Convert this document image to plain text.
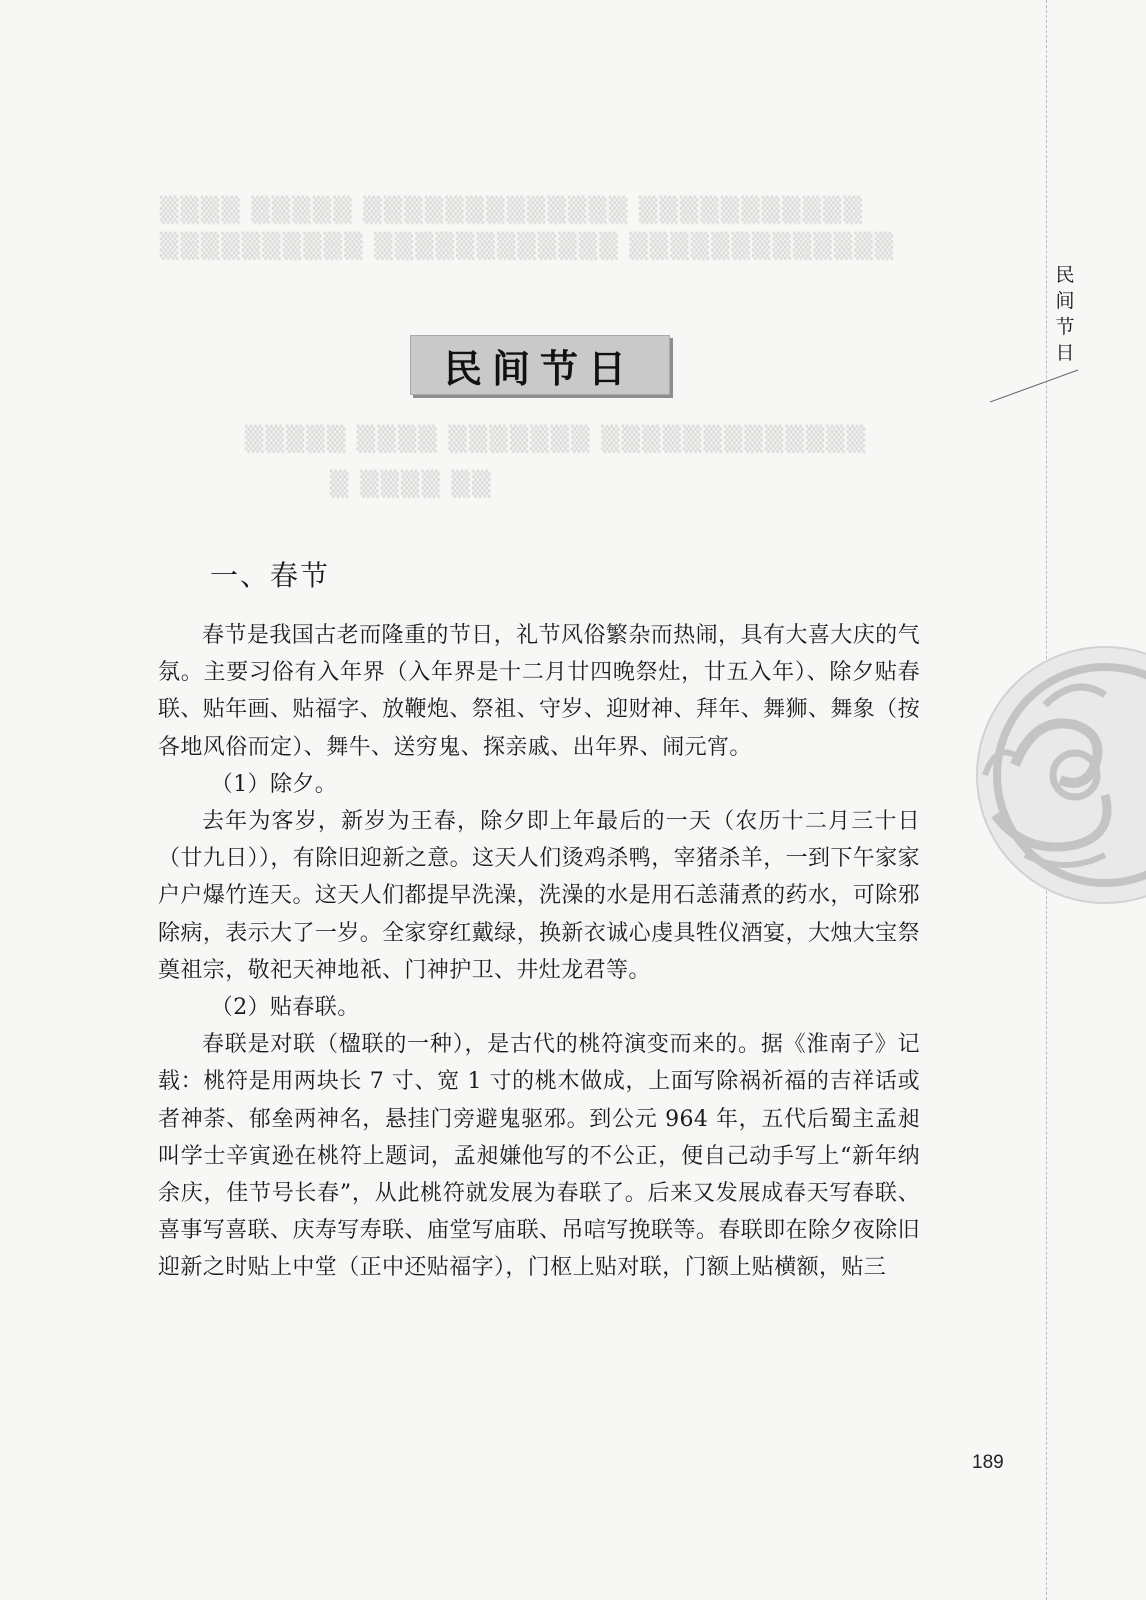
▒▒▒▒ ▒▒▒▒▒ ▒▒▒▒▒▒▒▒▒▒▒▒▒ ▒▒▒▒▒▒▒▒▒▒▒
▒▒▒▒▒▒▒▒▒▒ ▒▒▒▒▒▒▒▒▒▒▒▒ ▒▒▒▒▒▒▒▒▒▒▒▒▒
▒▒▒▒▒ ▒▒▒▒ ▒▒▒▒▒▒▒ ▒▒▒▒▒▒▒▒▒▒▒▒▒
▒ ▒▒▒▒ ▒▒
民
间
节
日
民间节日
一、春节

春节是我国古老而隆重的节日，礼节风俗繁杂而热闹，具有大喜大庆的气氛。主要习俗有入年界（入年界是十二月廿四晚祭灶，廿五入年）、除夕贴春联、贴年画、贴福字、放鞭炮、祭祖、守岁、迎财神、拜年、舞狮、舞象（按各地风俗而定）、舞牛、送穷鬼、探亲戚、出年界、闹元宵。

（1）除夕。

去年为客岁，新岁为王春，除夕即上年最后的一天（农历十二月三十日（廿九日）），有除旧迎新之意。这天人们烫鸡杀鸭，宰猪杀羊，一到下午家家户户爆竹连天。这天人们都提早洗澡，洗澡的水是用石恙蒲煮的药水，可除邪除病，表示大了一岁。全家穿红戴绿，换新衣诚心虔具牲仪酒宴，大烛大宝祭奠祖宗，敬祀天神地祇、门神护卫、井灶龙君等。

（2）贴春联。

春联是对联（楹联的一种），是古代的桃符演变而来的。据《淮南子》记载：桃符是用两块长 7 寸、宽 1 寸的桃木做成，上面写除祸祈福的吉祥话或者神荼、郁垒两神名，悬挂门旁避鬼驱邪。到公元 964 年，五代后蜀主孟昶叫学士辛寅逊在桃符上题词，孟昶嫌他写的不公正，便自己动手写上“新年纳余庆，佳节号长春”，从此桃符就发展为春联了。后来又发展成春天写春联、喜事写喜联、庆寿写寿联、庙堂写庙联、吊唁写挽联等。春联即在除夕夜除旧迎新之时贴上中堂（正中还贴福字），门枢上贴对联，门额上贴横额，贴三

189
